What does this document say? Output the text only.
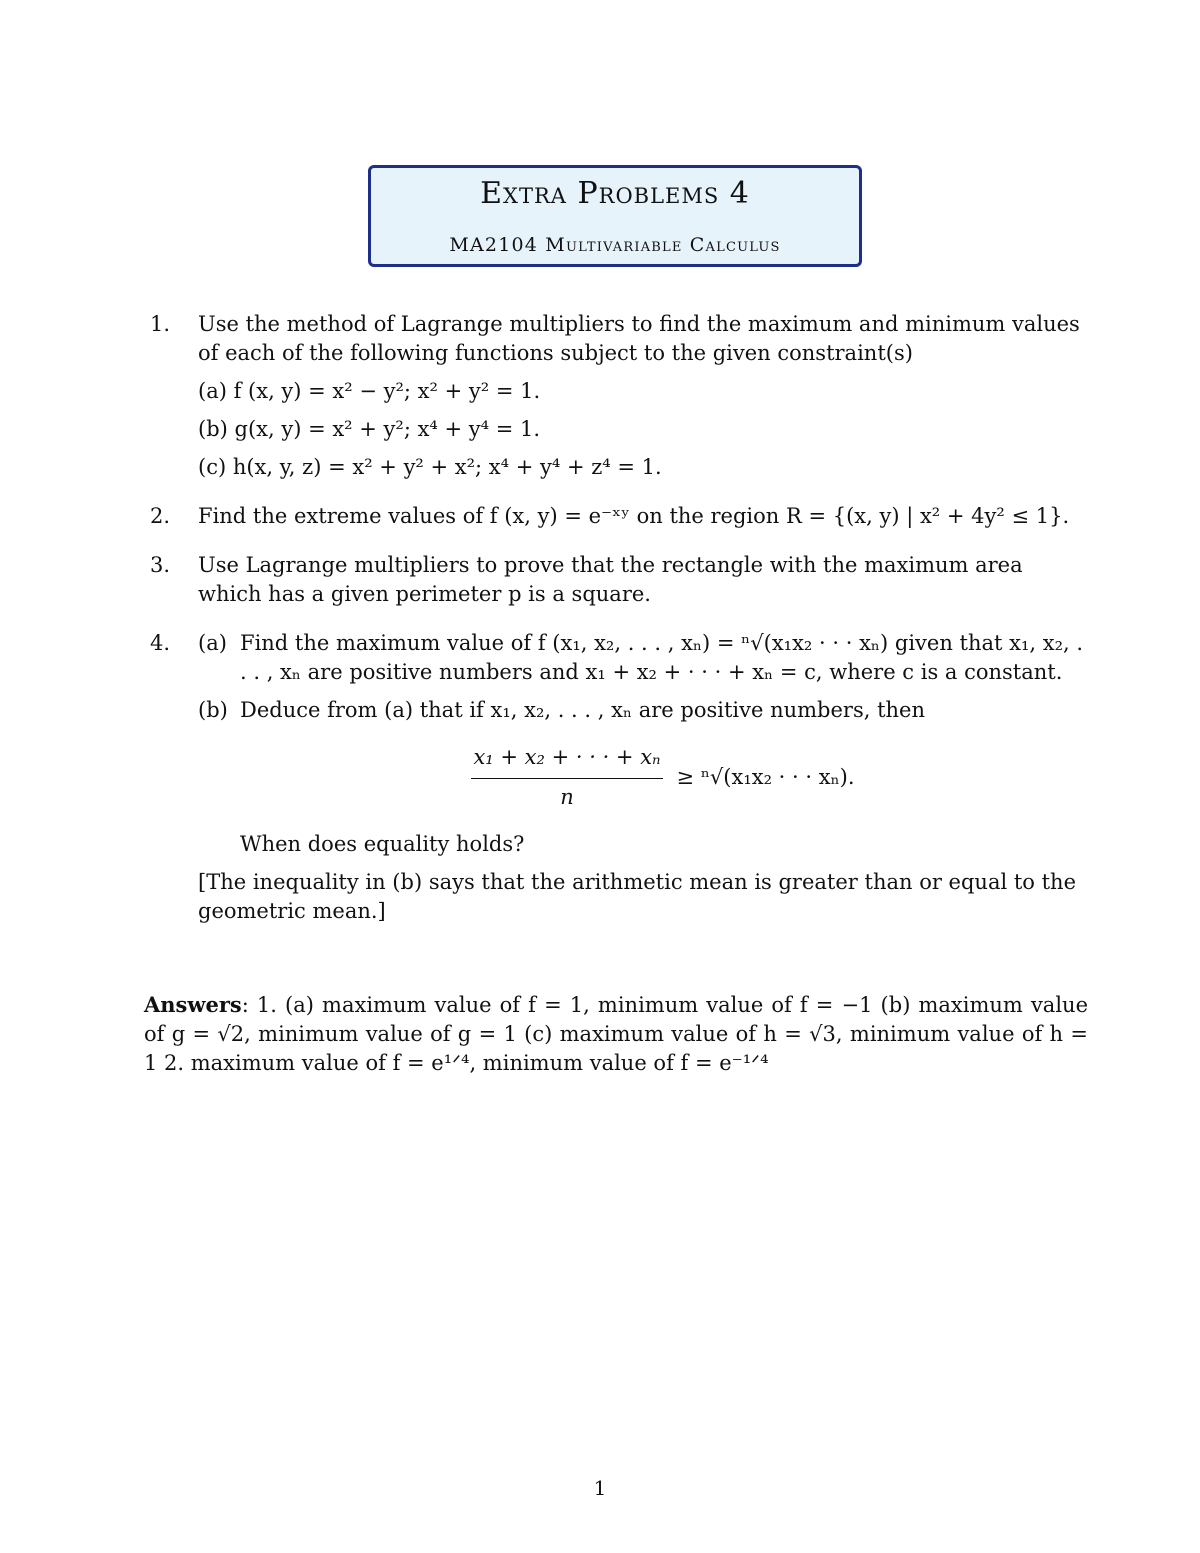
Extra Problems 4
MA2104 Multivariable Calculus
1. Use the method of Lagrange multipliers to find the maximum and minimum values of each of the following functions subject to the given constraint(s)
(a) f (x, y) = x² − y²; x² + y² = 1.
(b) g(x, y) = x² + y²; x⁴ + y⁴ = 1.
(c) h(x, y, z) = x² + y² + x²; x⁴ + y⁴ + z⁴ = 1.
2. Find the extreme values of f (x, y) = e⁻ˣʸ on the region R = {(x, y) | x² + 4y² ≤ 1}.
3. Use Lagrange multipliers to prove that the rectangle with the maximum area which has a given perimeter p is a square.
4. (a) Find the maximum value of f (x₁, x₂, . . . , xₙ) = ⁿ√(x₁x₂ · · · xₙ) given that x₁, x₂, . . . , xₙ are positive numbers and x₁ + x₂ + · · · + xₙ = c, where c is a constant.
(b) Deduce from (a) that if x₁, x₂, . . . , xₙ are positive numbers, then
$\frac{\text{x₁ + x₂ + · · · + xₙ}}{n} \ge ^n√(x_1x_2$ · · · xₙ).
When does equality holds?
[The inequality in (b) says that the arithmetic mean is greater than or equal to the geometric mean.]
Answers: 1. (a) maximum value of f = 1, minimum value of f = −1 (b) maximum value of g = √2, minimum value of g = 1 (c) maximum value of h = √3, minimum value of h = 1 2. maximum value of f = e¹ᐟ⁴, minimum value of f = e⁻¹ᐟ⁴
1
